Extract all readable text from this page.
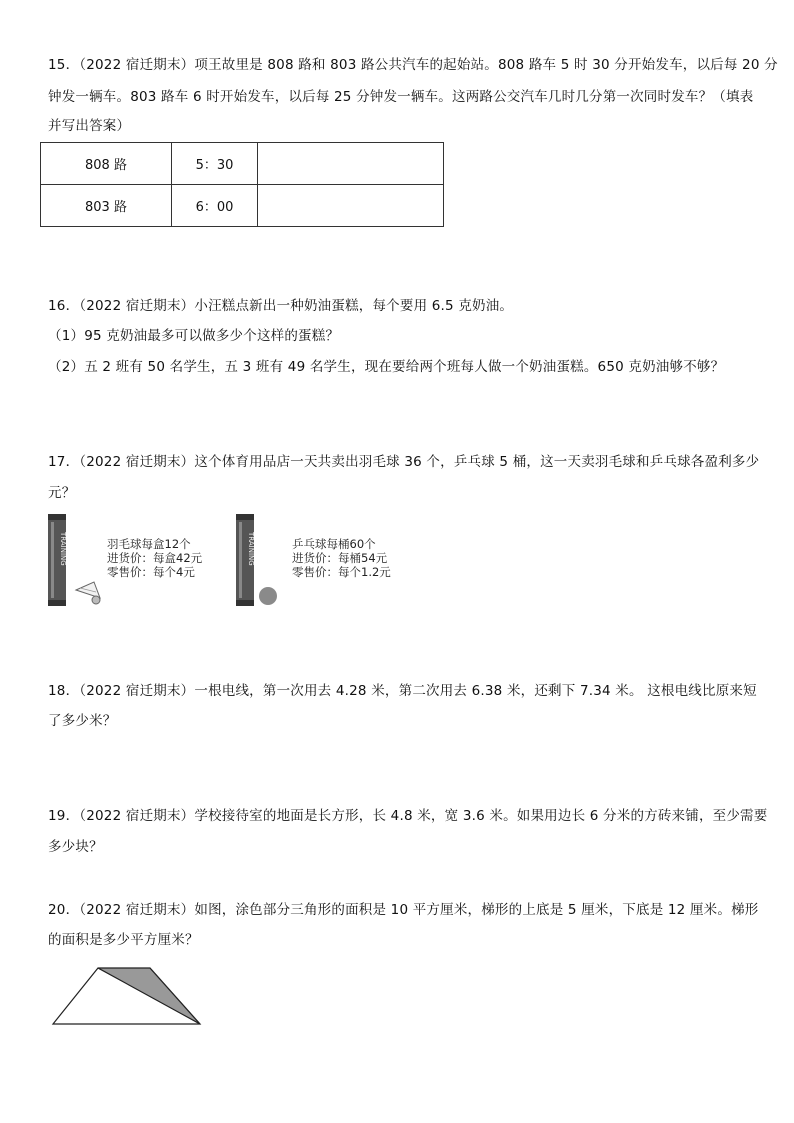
15．（2022 宿迁期末）项王故里是 808 路和 803 路公共汽车的起始站。808 路车 5 时 30 分开始发车，以后每 20 分
钟发一辆车。803 路车 6 时开始发车，以后每 25 分钟发一辆车。这两路公交汽车几时几分第一次同时发车？（填表
并写出答案）
808 路	5：30	
803 路	6：00	
16．（2022 宿迁期末）小汪糕点新出一种奶油蛋糕，每个要用 6.5 克奶油。
（1）95 克奶油最多可以做多少个这样的蛋糕？
（2）五 2 班有 50 名学生，五 3 班有 49 名学生，现在要给两个班每人做一个奶油蛋糕。650 克奶油够不够？
17．（2022 宿迁期末）这个体育用品店一天共卖出羽毛球 36 个，乒乓球 5 桶，这一天卖羽毛球和乒乓球各盈利多少
元？
TRAINING	羽毛球每盒12个
进货价：每盒42元
零售价：每个4元
TRAINING	乒乓球每桶60个
进货价：每桶54元
零售价：每个1.2元
18．（2022 宿迁期末）一根电线，第一次用去 4.28 米，第二次用去 6.38 米，还剩下 7.34 米。 这根电线比原来短
了多少米？
19．（2022 宿迁期末）学校接待室的地面是长方形，长 4.8 米，宽 3.6 米。如果用边长 6 分米的方砖来铺，至少需要
多少块？
20．（2022 宿迁期末）如图，涂色部分三角形的面积是 10 平方厘米，梯形的上底是 5 厘米，下底是 12 厘米。梯形
的面积是多少平方厘米？
